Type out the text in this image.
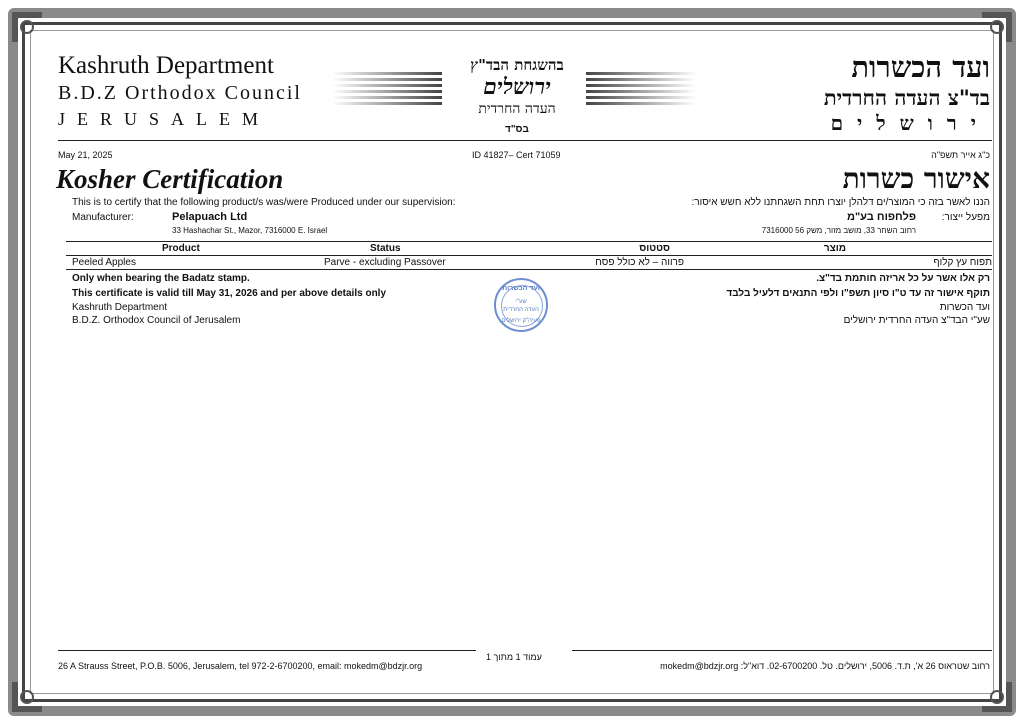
Kashruth Department
B.D.Z Orthodox Council
JERUSALEM
בהשגחת הבד"ץ
ירושלים
העדה החרדית
בס"ד
ועד הכשרות
בד"צ העדה החרדית
ירושלים
May 21, 2025	ID 41827– Cert 71059	כ"ג אייר תשפ"ה
Kosher Certification	אישור כשרות
This is to certify that the following product/s was/were Produced under our supervision:	הננו לאשר בזה כי המוצר/ים דלהלן יוצרו תחת השגחתנו ללא חשש איסור:
Manufacturer:	Pelapuach Ltd
33 Hashachar St., Mazor, 7316000 E. Israel
מפעל ייצור:
פלחפוח בע"מ
רחוב השחר 33, מושב מזור, משק 56 7316000
Product	Status	סטטוס	מוצר
Peeled Apples	Parve - excluding Passover	פרווה – לא כולל פסח	תפוח עץ קלוף
Only when bearing the Badatz stamp.
This certificate is valid till May 31, 2026 and per above details only
Kashruth Department
B.D.Z. Orthodox Council of Jerusalem
רק אלו אשר על כל אריזה חותמת בד"צ.
תוקף אישור זה עד ט"ו סיון תשפ"ו ולפי התנאים דלעיל בלבד
ועד הכשרות
שע"י הבד"צ העדה החרדית ירושלים
ועד הכשרות
שע"י
העדה החרדית
פעיה"ק ירושלים
עמוד 1 מתוך 1
26 A Strauss Street, P.O.B. 5006, Jerusalem, tel 972-2-6700200, email: mokedm@bdzjr.org	רחוב שטראוס 26 א', ת.ד. 5006, ירושלים. טל. 02-6700200. דוא"ל: mokedm@bdzjr.org
